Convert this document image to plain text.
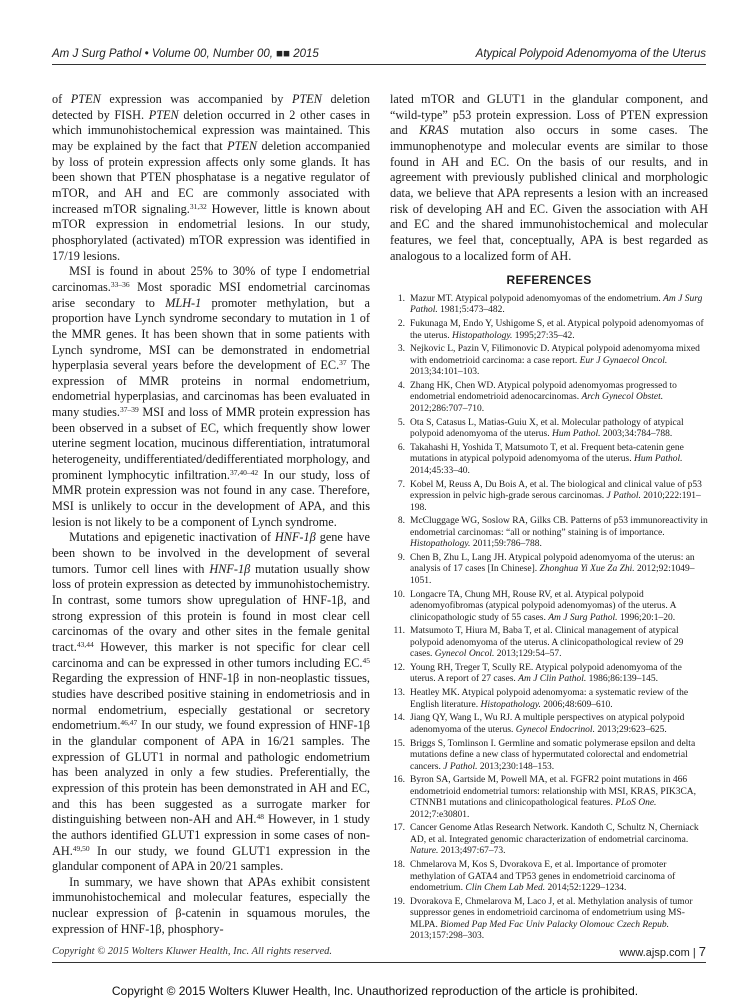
Am J Surg Pathol • Volume 00, Number 00, ■■ 2015	Atypical Polypoid Adenomyoma of the Uterus

of PTEN expression was accompanied by PTEN deletion detected by FISH. PTEN deletion occurred in 2 other cases in which immunohistochemical expression was maintained. This may be explained by the fact that PTEN deletion accompanied by loss of protein expression affects only some glands. It has been shown that PTEN phosphatase is a negative regulator of mTOR, and AH and EC are commonly associated with increased mTOR signaling.$^{31,32}$ However, little is known about mTOR expression in endometrial lesions. In our study, phosphorylated (activated) mTOR expression was identified in 17/19 lesions.

MSI is found in about 25% to 30% of type I endometrial carcinomas.$^{33-36}$ Most sporadic MSI endometrial carcinomas arise secondary to MLH-1 promoter methylation, but a proportion have Lynch syndrome secondary to mutation in 1 of the MMR genes. It has been shown that in some patients with Lynch syndrome, MSI can be demonstrated in endometrial hyperplasia several years before the development of EC.$^{37}$ The expression of MMR proteins in normal endometrium, endometrial hyperplasias, and carcinomas has been evaluated in many studies.$^{37-39}$ MSI and loss of MMR protein expression has been observed in a subset of EC, which frequently show lower uterine segment location, mucinous differentiation, intratumoral heterogeneity, undifferentiated/dedifferentiated morphology, and prominent lymphocytic infiltration.$^{37,40-42}$ In our study, loss of MMR protein expression was not found in any case. Therefore, MSI is unlikely to occur in the development of APA, and this lesion is not likely to be a component of Lynch syndrome.

Mutations and epigenetic inactivation of HNF-1β gene have been shown to be involved in the development of several tumors. Tumor cell lines with HNF-1β mutation usually show loss of protein expression as detected by immunohistochemistry. In contrast, some tumors show upregulation of HNF-1β, and strong expression of this protein is found in most clear cell carcinomas of the ovary and other sites in the female genital tract.$^{43,44}$ However, this marker is not specific for clear cell carcinoma and can be expressed in other tumors including EC.$^{45}$ Regarding the expression of HNF-1β in non-neoplastic tissues, studies have described positive staining in endometriosis and in normal endometrium, especially gestational or secretory endometrium.$^{46,47}$ In our study, we found expression of HNF-1β in the glandular component of APA in 16/21 samples. The expression of GLUT1 in normal and pathologic endometrium has been analyzed in only a few studies. Preferentially, the expression of this protein has been demonstrated in AH and EC, and this has been suggested as a surrogate marker for distinguishing between non-AH and AH.$^{48}$ However, in 1 study the authors identified GLUT1 expression in some cases of non-AH.$^{49,50}$ In our study, we found GLUT1 expression in the glandular component of APA in 20/21 samples.

In summary, we have shown that APAs exhibit consistent immunohistochemical and molecular features, especially the nuclear expression of β-catenin in squamous morules, the expression of HNF-1β, phosphory-

lated mTOR and GLUT1 in the glandular component, and “wild-type” p53 protein expression. Loss of PTEN expression and KRAS mutation also occurs in some cases. The immunophenotype and molecular events are similar to those found in AH and EC. On the basis of our results, and in agreement with previously published clinical and morphologic data, we believe that APA represents a lesion with an increased risk of developing AH and EC. Given the association with AH and EC and the shared immunohistochemical and molecular features, we feel that, conceptually, APA is best regarded as analogous to a localized form of AH.

REFERENCES
1. Mazur MT. Atypical polypoid adenomyomas of the endometrium. Am J Surg Pathol. 1981;5:473–482.
2. Fukunaga M, Endo Y, Ushigome S, et al. Atypical polypoid adenomyomas of the uterus. Histopathology. 1995;27:35–42.
3. Nejkovic L, Pazin V, Filimonovic D. Atypical polypoid adenomyoma mixed with endometrioid carcinoma: a case report. Eur J Gynaecol Oncol. 2013;34:101–103.
4. Zhang HK, Chen WD. Atypical polypoid adenomyomas progressed to endometrial endometrioid adenocarcinomas. Arch Gynecol Obstet. 2012;286:707–710.
5. Ota S, Catasus L, Matias-Guiu X, et al. Molecular pathology of atypical polypoid adenomyoma of the uterus. Hum Pathol. 2003;34:784–788.
6. Takahashi H, Yoshida T, Matsumoto T, et al. Frequent beta-catenin gene mutations in atypical polypoid adenomyoma of the uterus. Hum Pathol. 2014;45:33–40.
7. Kobel M, Reuss A, Du Bois A, et al. The biological and clinical value of p53 expression in pelvic high-grade serous carcinomas. J Pathol. 2010;222:191–198.
8. McCluggage WG, Soslow RA, Gilks CB. Patterns of p53 immunoreactivity in endometrial carcinomas: “all or nothing” staining is of importance. Histopathology. 2011;59:786–788.
9. Chen B, Zhu L, Lang JH. Atypical polypoid adenomyoma of the uterus: an analysis of 17 cases [In Chinese]. Zhonghua Yi Xue Za Zhi. 2012;92:1049–1051.
10. Longacre TA, Chung MH, Rouse RV, et al. Atypical polypoid adenomyofibromas (atypical polypoid adenomyomas) of the uterus. A clinicopathologic study of 55 cases. Am J Surg Pathol. 1996;20:1–20.
11. Matsumoto T, Hiura M, Baba T, et al. Clinical management of atypical polypoid adenomyoma of the uterus. A clinicopathological review of 29 cases. Gynecol Oncol. 2013;129:54–57.
12. Young RH, Treger T, Scully RE. Atypical polypoid adenomyoma of the uterus. A report of 27 cases. Am J Clin Pathol. 1986;86:139–145.
13. Heatley MK. Atypical polypoid adenomyoma: a systematic review of the English literature. Histopathology. 2006;48:609–610.
14. Jiang QY, Wang L, Wu RJ. A multiple perspectives on atypical polypoid adenomyoma of the uterus. Gynecol Endocrinol. 2013;29:623–625.
15. Briggs S, Tomlinson I. Germline and somatic polymerase epsilon and delta mutations define a new class of hypermutated colorectal and endometrial cancers. J Pathol. 2013;230:148–153.
16. Byron SA, Gartside M, Powell MA, et al. FGFR2 point mutations in 466 endometrioid endometrial tumors: relationship with MSI, KRAS, PIK3CA, CTNNB1 mutations and clinicopathological features. PLoS One. 2012;7:e30801.
17. Cancer Genome Atlas Research Network. Kandoth C, Schultz N, Cherniack AD, et al. Integrated genomic characterization of endometrial carcinoma. Nature. 2013;497:67–73.
18. Chmelarova M, Kos S, Dvorakova E, et al. Importance of promoter methylation of GATA4 and TP53 genes in endometrioid carcinoma of endometrium. Clin Chem Lab Med. 2014;52:1229–1234.
19. Dvorakova E, Chmelarova M, Laco J, et al. Methylation analysis of tumor suppressor genes in endometrioid carcinoma of endometrium using MS-MLPA. Biomed Pap Med Fac Univ Palacky Olomouc Czech Repub. 2013;157:298–303.
Copyright © 2015 Wolters Kluwer Health, Inc. All rights reserved.	www.ajsp.com | 7
Copyright © 2015 Wolters Kluwer Health, Inc. Unauthorized reproduction of the article is prohibited.
